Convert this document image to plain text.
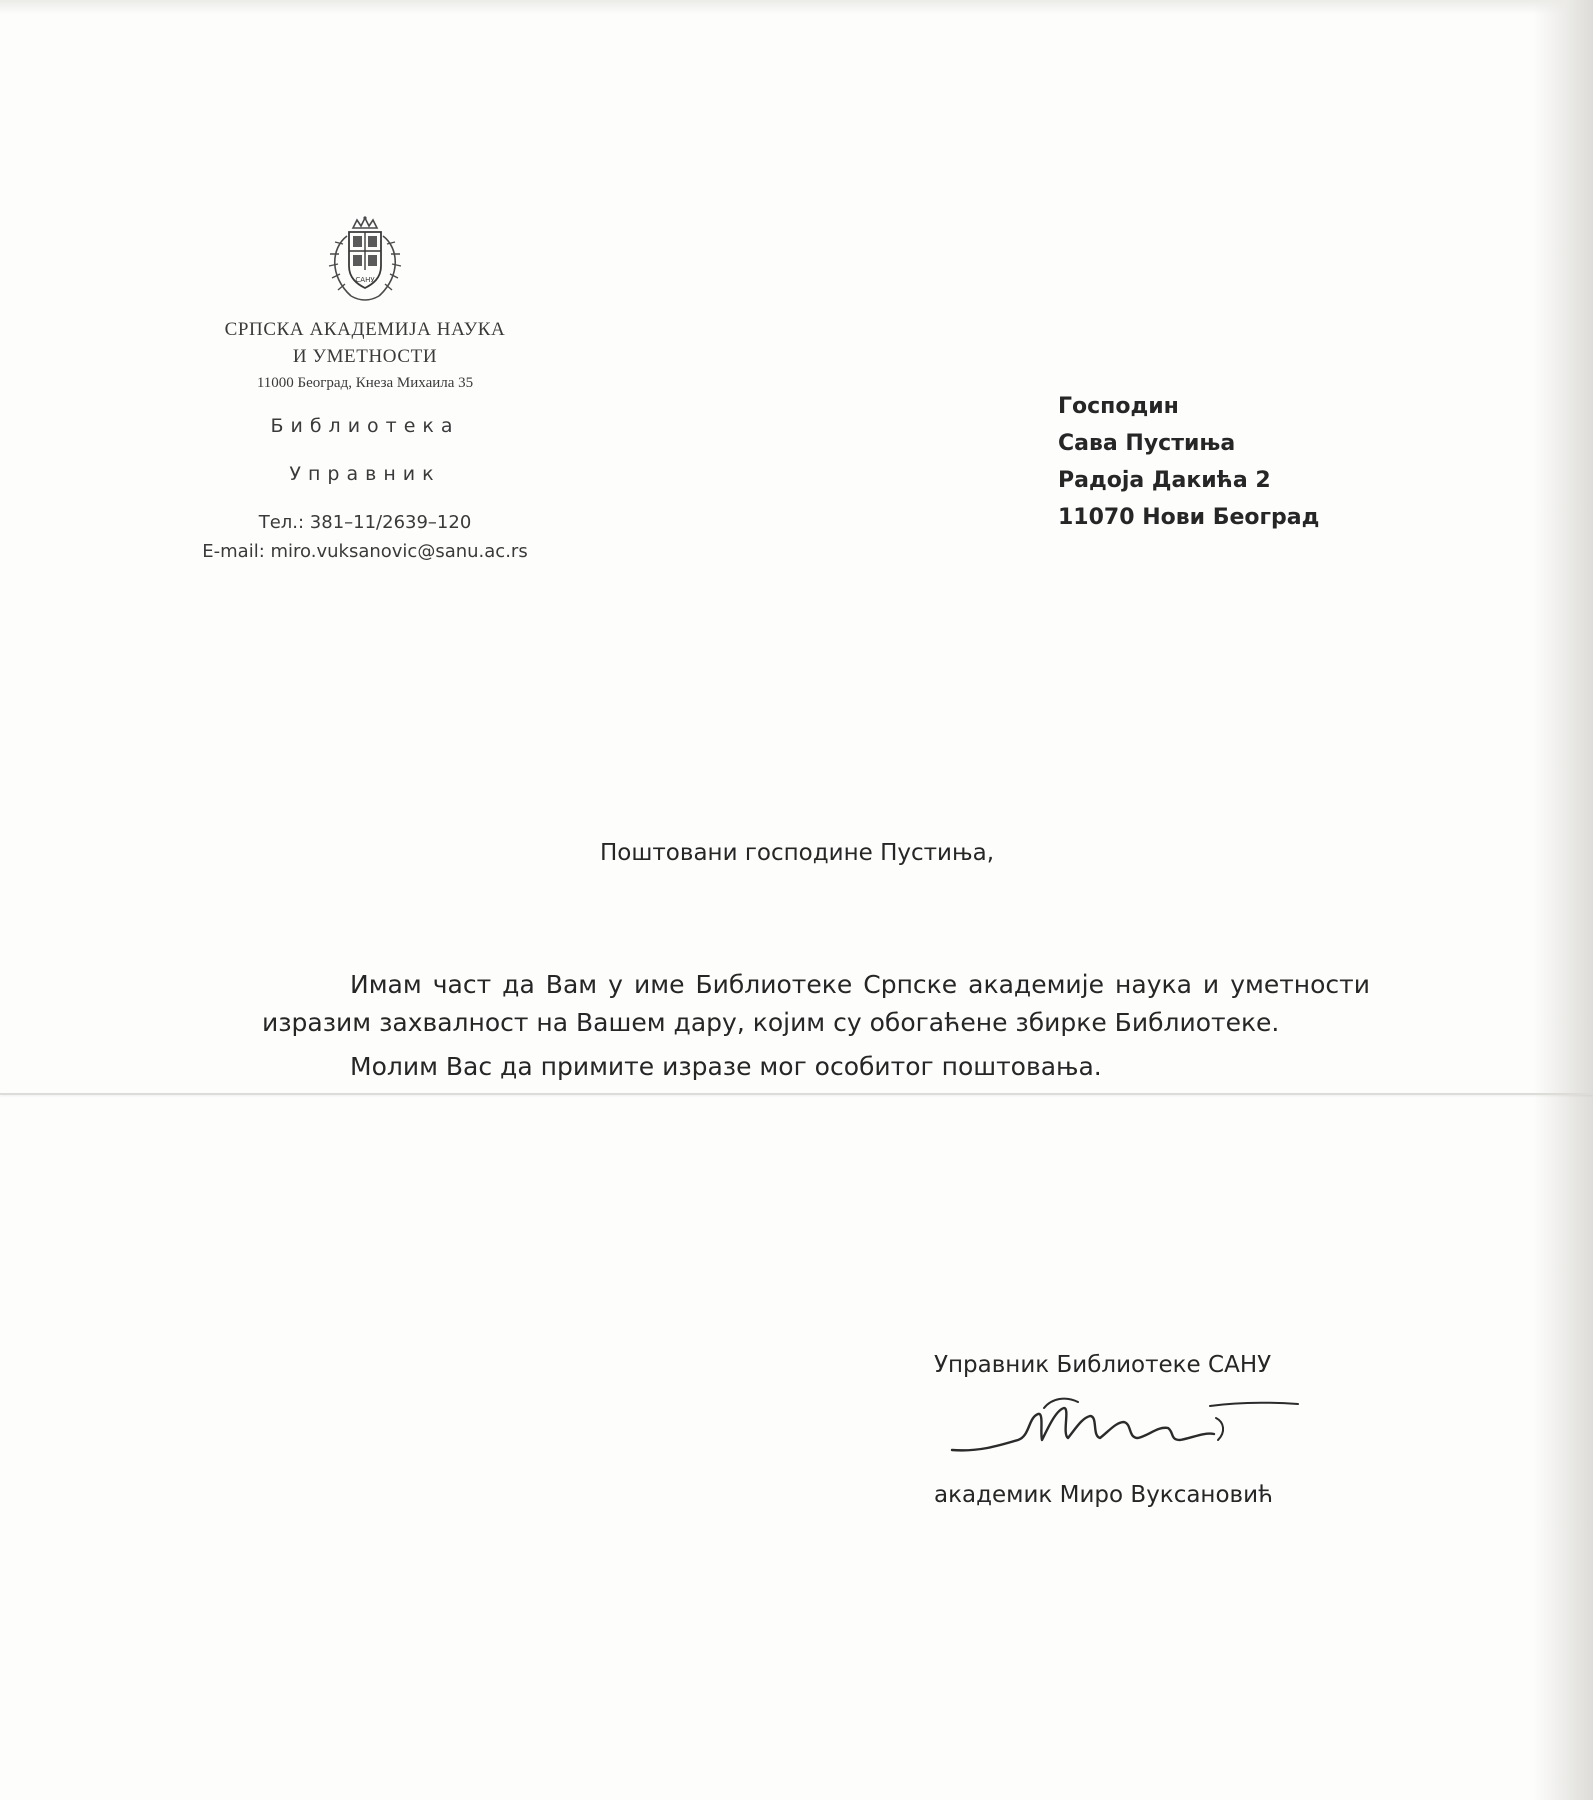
САНУ
СРПСКА АКАДЕМИЈА НАУКА
И УМЕТНОСТИ
11000 Београд, Кнеза Михаила 35
Библиотека
Управник
Тел.: 381–11/2639–120
E-mail: miro.vuksanovic@sanu.ac.rs
Господин
Сава Пустиња
Радоја Дакића 2
11070 Нови Београд
Поштовани господине Пустиња,

Имам част да Вам у име Библиотеке Српске академије наука и уметности изразим захвалност на Вашем дару, којим су обогаћене збирке Библиотеке.

Молим Вас да примите изразе мог особитог поштовања.

Управник Библиотеке САНУ
академик Миро Вуксановић
